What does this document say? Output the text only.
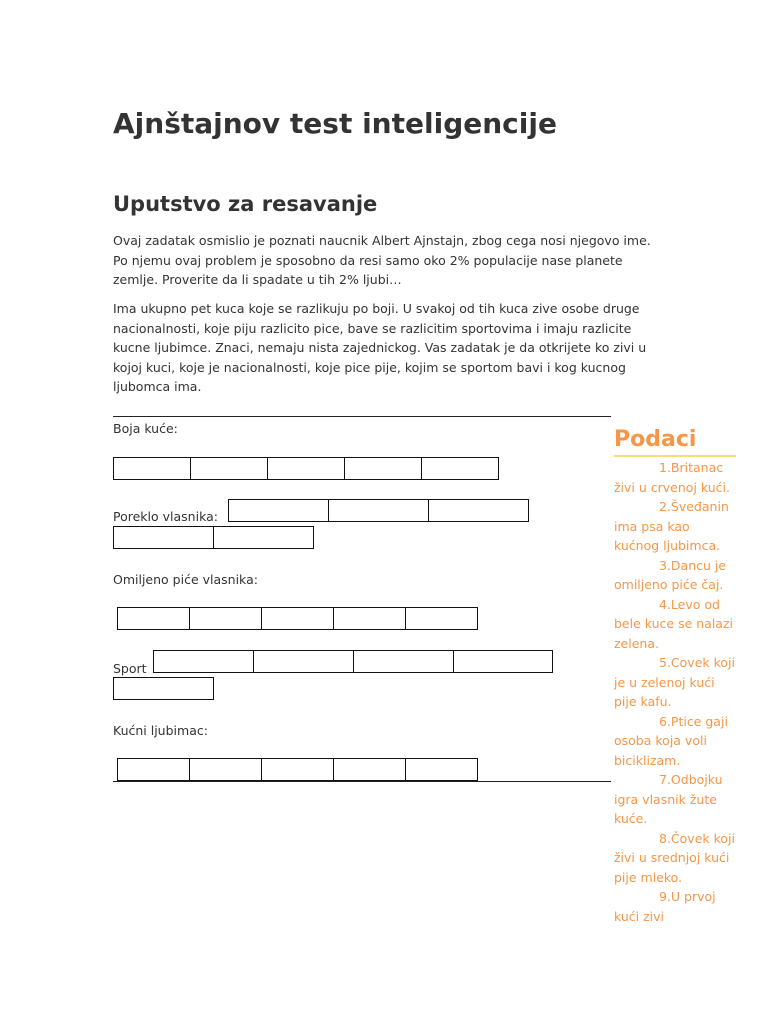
Ajnštajnov test inteligencije
Uputstvo za resavanje

Ovaj zadatak osmislio je poznati naucnik Albert Ajnstajn, zbog cega nosi njegovo ime. Po njemu ovaj problem je sposobno da resi samo oko 2% populacije nase planete zemlje. Proverite da li spadate u tih 2% ljubi…

Ima ukupno pet kuca koje se razlikuju po boji. U svakoj od tih kuca zive osobe druge nacionalnosti, koje piju razlicito pice, bave se razlicitim sportovima i imaju razlicite kucne ljubimce. Znaci, nemaju nista zajednickog. Vas zadatak je da otkrijete ko zivi u kojoj kuci, koje je nacionalnosti, koje pice pije, kojim se sportom bavi i kog kucnog ljubomca ima.

Boja kuće:
Poreklo vlasnika:
Omiljeno piće vlasnika:
Sport
Kućni ljubimac:
Podaci
1.Britanac živi u crvenoj kući.
2.Šveđanin ima psa kao kućnog ljubimca.
3.Dancu je omiljeno piće čaj.
4.Levo od bele kuce se nalazi zelena.
5.Covek koji je u zelenoj kući pije kafu.
6.Ptice gaji osoba koja voli biciklizam.
7.Odbojku igra vlasnik žute kuće.
8.Čovek koji živi u srednjoj kući pije mleko.
9.U prvoj kući zivi
